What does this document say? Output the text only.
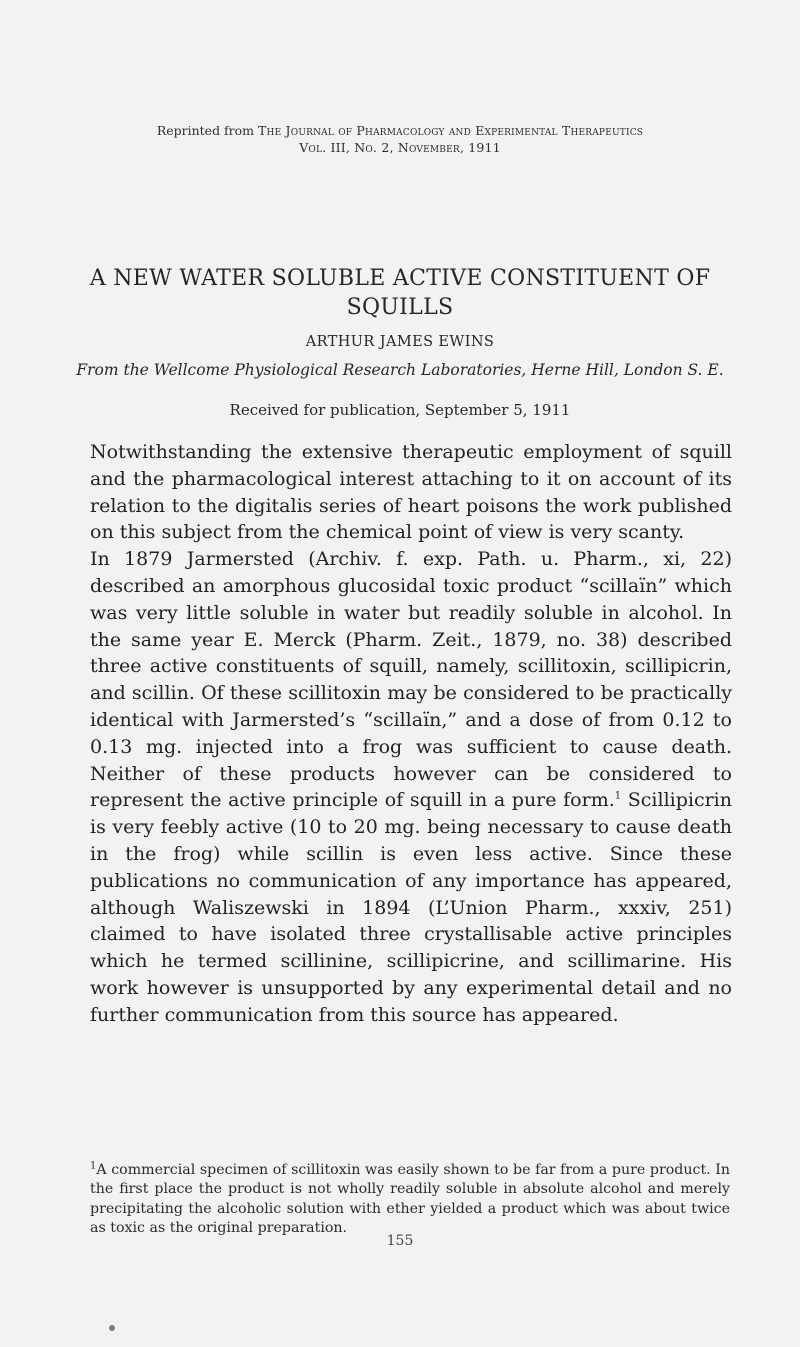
Reprinted from The Journal of Pharmacology and Experimental Therapeutics
Vol. III, No. 2, November, 1911
A NEW WATER SOLUBLE ACTIVE CONSTITUENT OF SQUILLS
ARTHUR JAMES EWINS
From the Wellcome Physiological Research Laboratories, Herne Hill, London S. E.
Received for publication, September 5, 1911

Notwithstanding the extensive therapeutic employment of squill and the pharmacological interest attaching to it on account of its relation to the digitalis series of heart poisons the work published on this subject from the chemical point of view is very scanty.

In 1879 Jarmersted (Archiv. f. exp. Path. u. Pharm., xi, 22) described an amorphous glucosidal toxic product “scillaïn” which was very little soluble in water but readily soluble in alcohol. In the same year E. Merck (Pharm. Zeit., 1879, no. 38) described three active constituents of squill, namely, scillitoxin, scillipicrin, and scillin. Of these scillitoxin may be considered to be practically identical with Jarmersted’s “scillaïn,” and a dose of from 0.12 to 0.13 mg. injected into a frog was sufficient to cause death. Neither of these products however can be considered to represent the active principle of squill in a pure form.$^1$ Scillipicrin is very feebly active (10 to 20 mg. being necessary to cause death in the frog) while scillin is even less active. Since these publications no communication of any importance has appeared, although Waliszewski in 1894 (L’Union Pharm., xxxiv, 251) claimed to have isolated three crystallisable active principles which he termed scillinine, scillipicrine, and scillimarine. His work however is unsupported by any experimental detail and no further communication from this source has appeared.

$^1$A commercial specimen of scillitoxin was easily shown to be far from a pure product. In the first place the product is not wholly readily soluble in absolute alcohol and merely precipitating the alcoholic solution with ether yielded a product which was about twice as toxic as the original preparation.

155
